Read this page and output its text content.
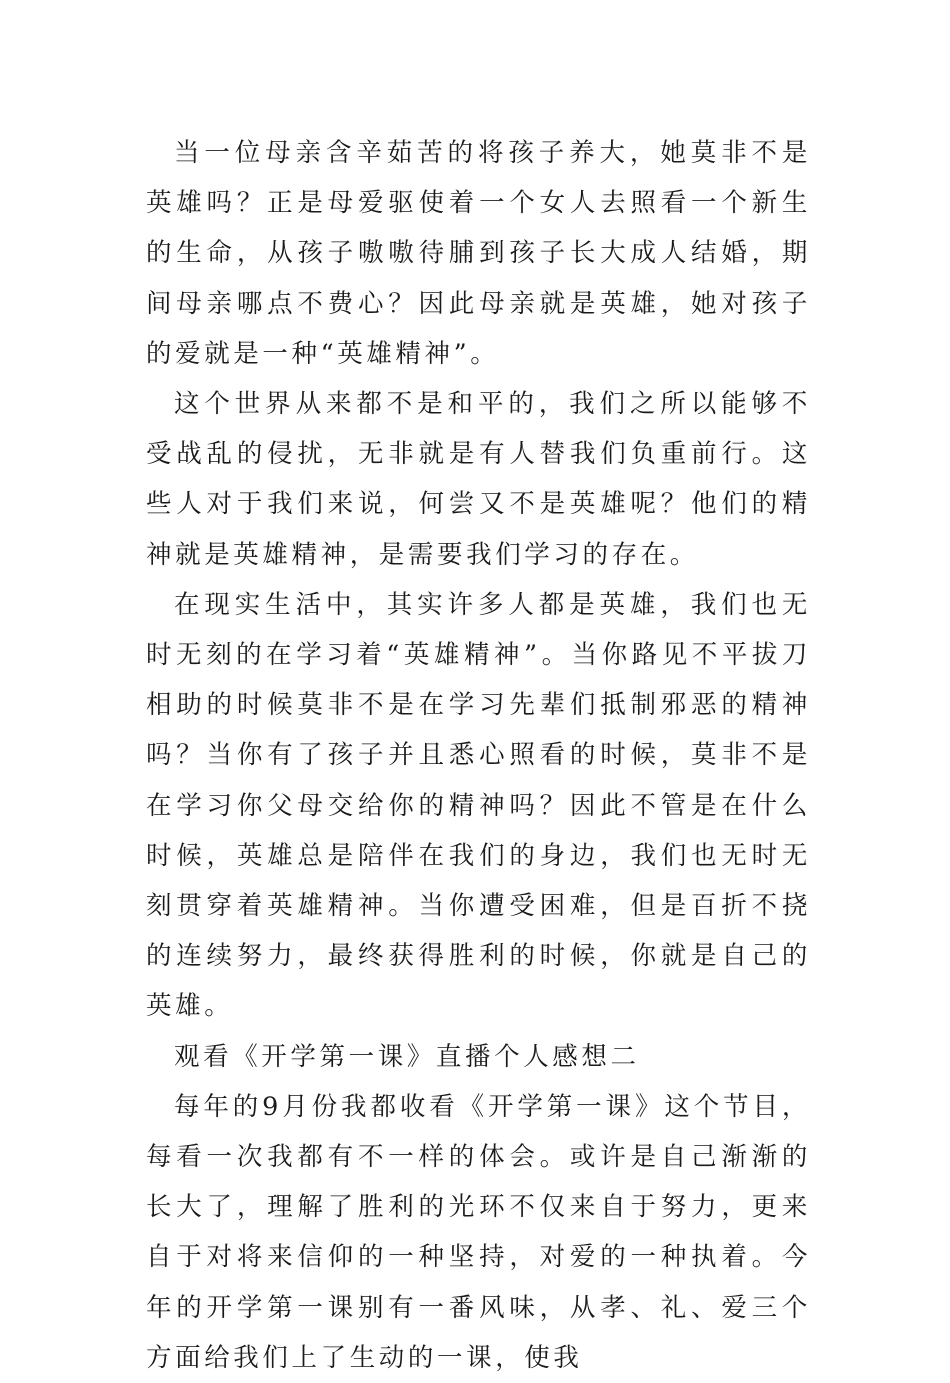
当一位母亲含辛茹苦的将孩子养大，她莫非不是英雄吗？正是母爱驱使着一个女人去照看一个新生的生命，从孩子嗷嗷待脯到孩子长大成人结婚，期间母亲哪点不费心？因此母亲就是英雄，她对孩子的爱就是一种“英雄精神”。

这个世界从来都不是和平的，我们之所以能够不受战乱的侵扰，无非就是有人替我们负重前行。这些人对于我们来说，何尝又不是英雄呢？他们的精神就是英雄精神，是需要我们学习的存在。

在现实生活中，其实许多人都是英雄，我们也无时无刻的在学习着“英雄精神”。当你路见不平拔刀相助的时候莫非不是在学习先辈们抵制邪恶的精神吗？当你有了孩子并且悉心照看的时候，莫非不是在学习你父母交给你的精神吗？因此不管是在什么时候，英雄总是陪伴在我们的身边，我们也无时无刻贯穿着英雄精神。当你遭受困难，但是百折不挠的连续努力，最终获得胜利的时候，你就是自己的英雄。

观看《开学第一课》直播个人感想二

每年的9月份我都收看《开学第一课》这个节目，每看一次我都有不一样的体会。或许是自己渐渐的长大了，理解了胜利的光环不仅来自于努力，更来自于对将来信仰的一种坚持，对爱的一种执着。今年的开学第一课别有一番风味，从孝、礼、爱三个方面给我们上了生动的一课，使我
